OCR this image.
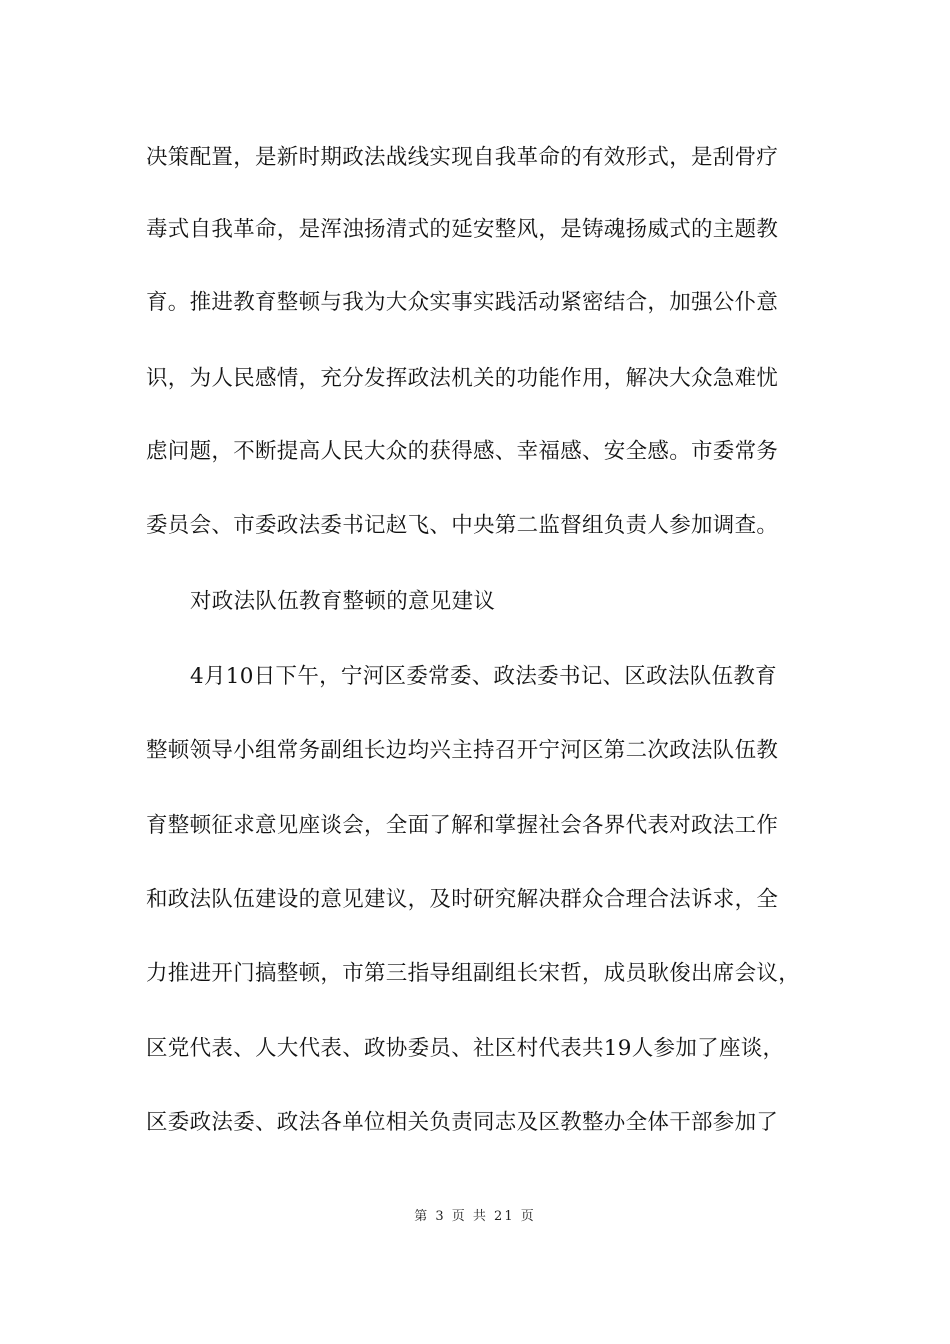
决策配置，是新时期政法战线实现自我革命的有效形式，是刮骨疗
毒式自我革命，是浑浊扬清式的延安整风，是铸魂扬威式的主题教
育。推进教育整顿与我为大众实事实践活动紧密结合，加强公仆意
识，为人民感情，充分发挥政法机关的功能作用，解决大众急难忧
虑问题，不断提高人民大众的获得感、幸福感、安全感。市委常务
委员会、市委政法委书记赵飞、中央第二监督组负责人参加调查。
对政法队伍教育整顿的意见建议
4月10日下午，宁河区委常委、政法委书记、区政法队伍教育
整顿领导小组常务副组长边均兴主持召开宁河区第二次政法队伍教
育整顿征求意见座谈会，全面了解和掌握社会各界代表对政法工作
和政法队伍建设的意见建议，及时研究解决群众合理合法诉求，全
力推进开门搞整顿，市第三指导组副组长宋哲，成员耿俊出席会议，
区党代表、人大代表、政协委员、社区村代表共19人参加了座谈，
区委政法委、政法各单位相关负责同志及区教整办全体干部参加了
第 3 页 共 21 页
